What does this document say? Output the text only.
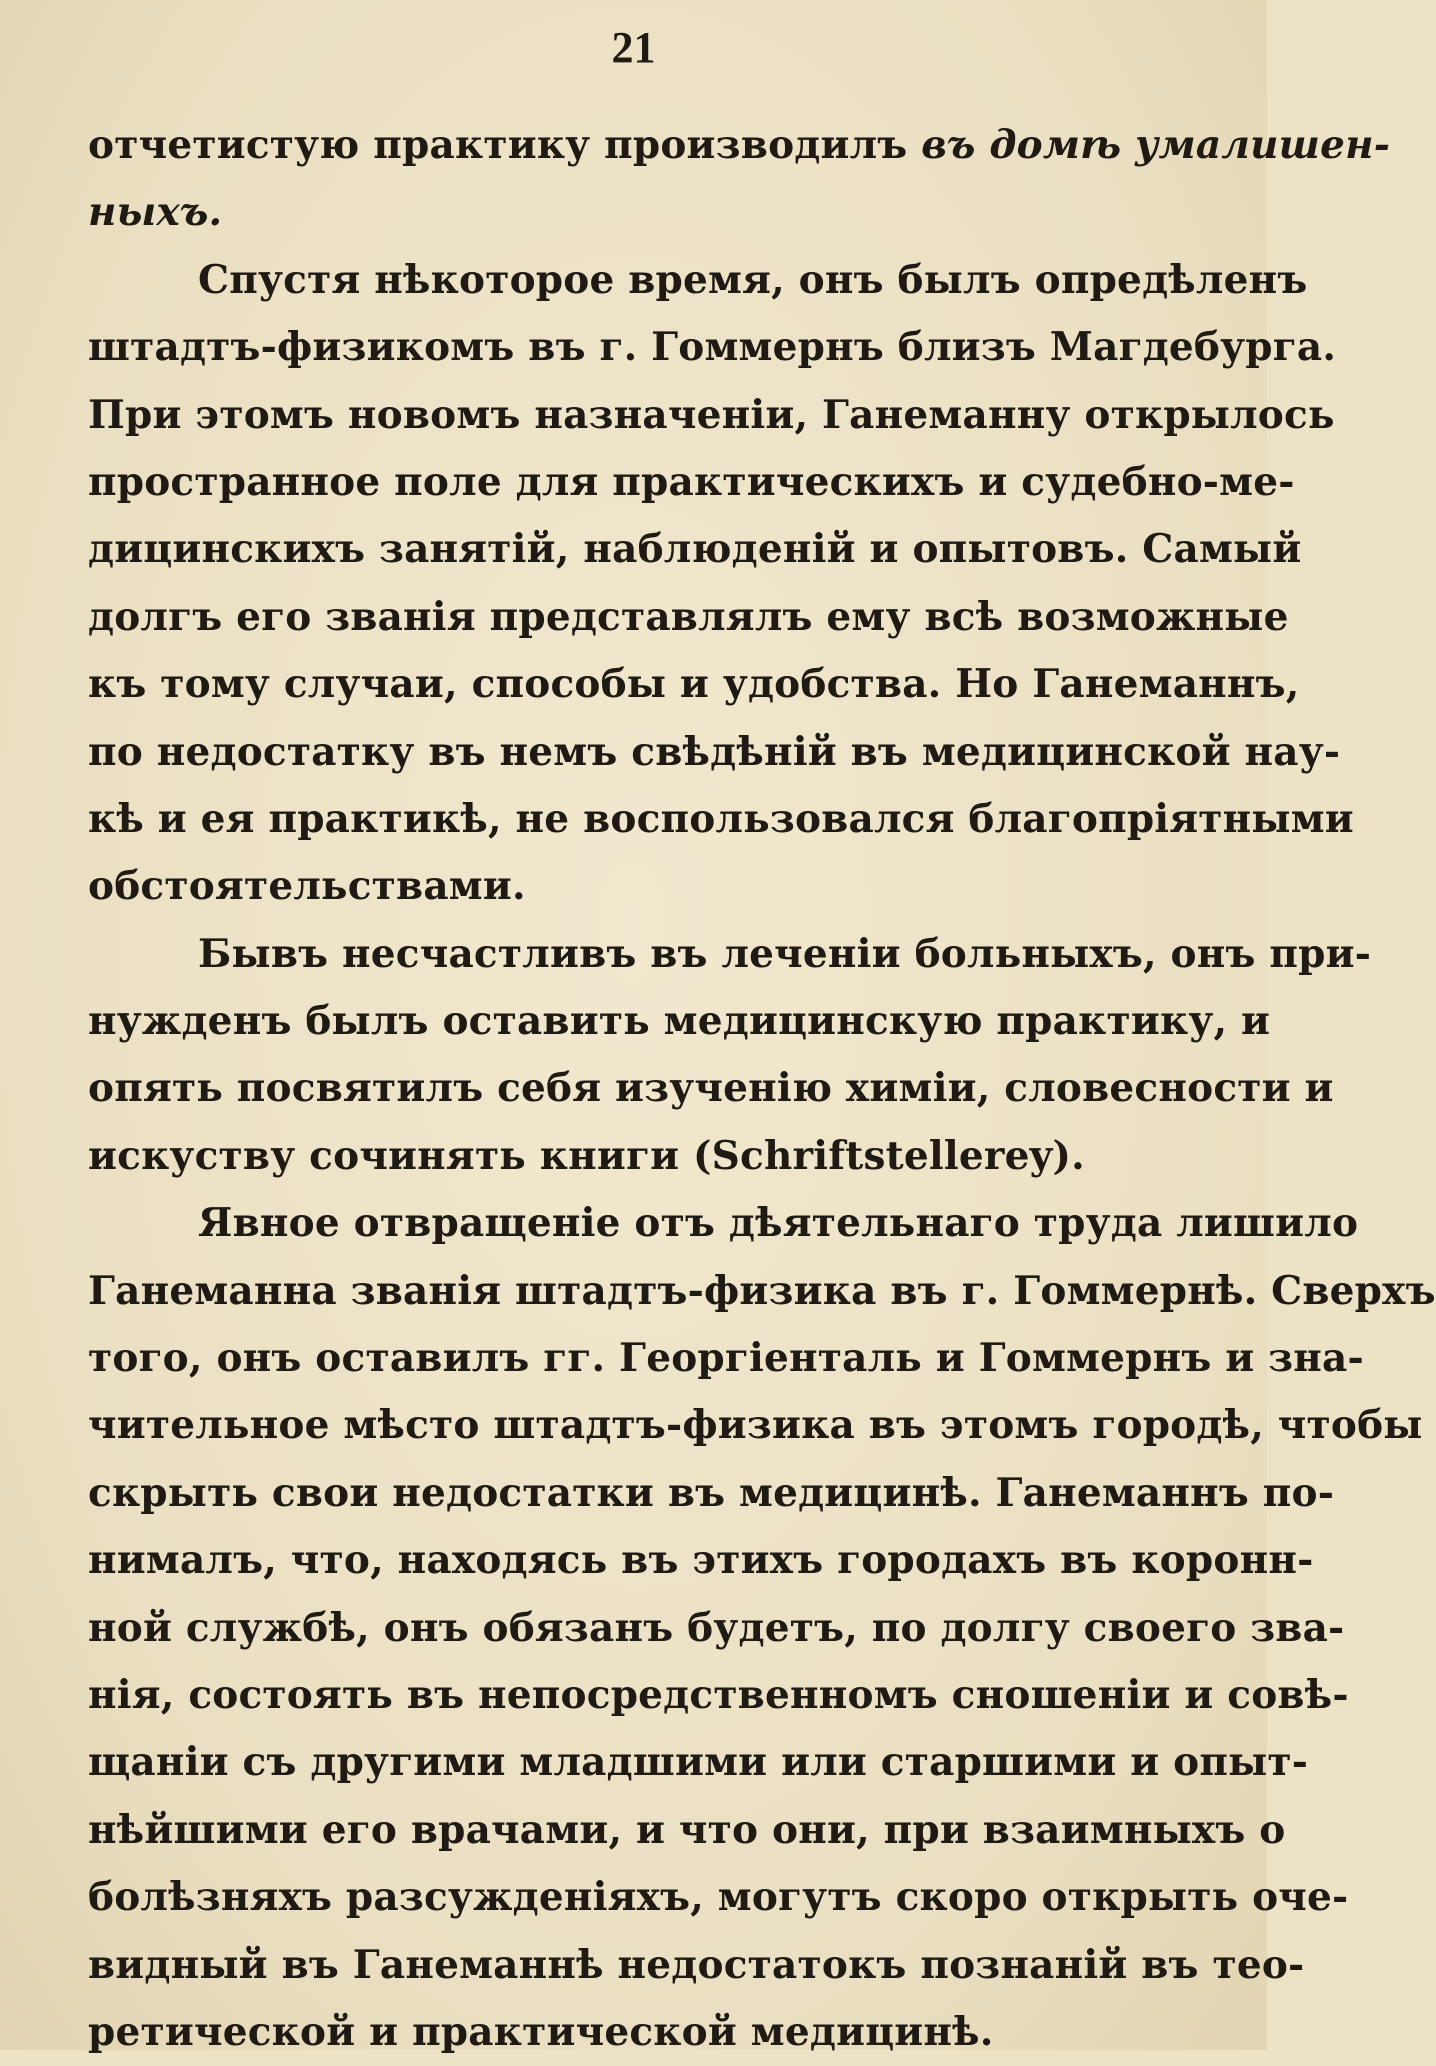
21
отчетистую практику производилъ въ домѣ умалишен-
ныхъ.
Спустя нѣкоторое время, онъ былъ опредѣленъ
штадтъ-физикомъ въ г. Гоммернъ близъ Магдебурга.
При этомъ новомъ назначеніи, Ганеманну открылось
пространное поле для практическихъ и судебно-ме-
дицинскихъ занятій, наблюденій и опытовъ. Самый
долгъ его званія представлялъ ему всѣ возможные
къ тому случаи, способы и удобства. Но Ганеманнъ,
по недостатку въ немъ свѣдѣній въ медицинской нау-
кѣ и ея практикѣ, не воспользовался благопріятными
обстоятельствами.
Бывъ несчастливъ въ леченіи больныхъ, онъ при-
нужденъ былъ оставить медицинскую практику, и
опять посвятилъ себя изученію химіи, словесности и
искуству сочинять книги (Schriftstellerey).
Явное отвращеніе отъ дѣятельнаго труда лишило
Ганеманна званія штадтъ-физика въ г. Гоммернѣ. Сверхъ
того, онъ оставилъ гг. Георгіенталь и Гоммернъ и зна-
чительное мѣсто штадтъ-физика въ этомъ городѣ, чтобы
скрыть свои недостатки въ медицинѣ. Ганеманнъ по-
нималъ, что, находясь въ этихъ городахъ въ коронн-
ной службѣ, онъ обязанъ будетъ, по долгу своего зва-
нія, состоять въ непосредственномъ сношеніи и совѣ-
щаніи съ другими младшими или старшими и опыт-
нѣйшими его врачами, и что они, при взаимныхъ о
болѣзняхъ разсужденіяхъ, могутъ скоро открыть оче-
видный въ Ганеманнѣ недостатокъ познаній въ тео-
ретической и практической медицинѣ.
